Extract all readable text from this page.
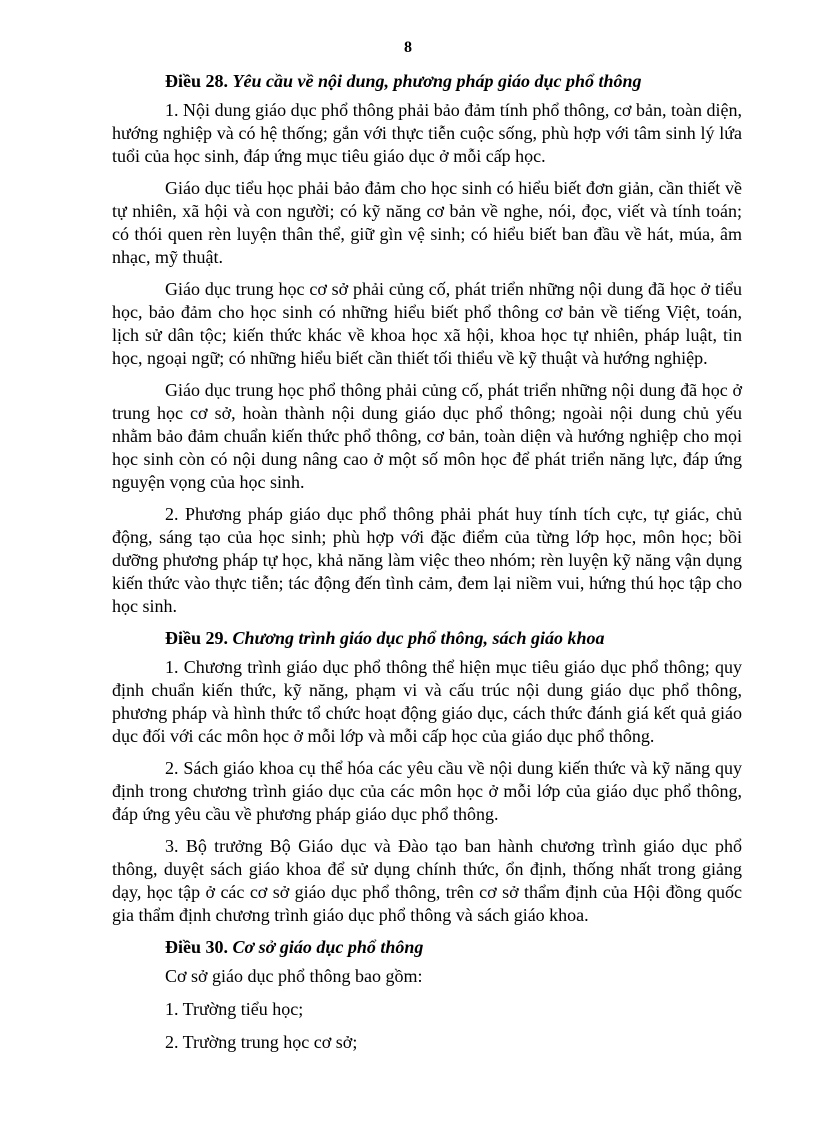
8
Điều 28. Yêu cầu về nội dung, phương pháp giáo dục phổ thông

1. Nội dung giáo dục phổ thông phải bảo đảm tính phổ thông, cơ bản, toàn diện, hướng nghiệp và có hệ thống; gắn với thực tiễn cuộc sống, phù hợp với tâm sinh lý lứa tuổi của học sinh, đáp ứng mục tiêu giáo dục ở mỗi cấp học.

Giáo dục tiểu học phải bảo đảm cho học sinh có hiểu biết đơn giản, cần thiết về tự nhiên, xã hội và con người; có kỹ năng cơ bản về nghe, nói, đọc, viết và tính toán; có thói quen rèn luyện thân thể, giữ gìn vệ sinh; có hiểu biết ban đầu về hát, múa, âm nhạc, mỹ thuật.

Giáo dục trung học cơ sở phải củng cố, phát triển những nội dung đã học ở tiểu học, bảo đảm cho học sinh có những hiểu biết phổ thông cơ bản về tiếng Việt, toán, lịch sử dân tộc; kiến thức khác về khoa học xã hội, khoa học tự nhiên, pháp luật, tin học, ngoại ngữ; có những hiểu biết cần thiết tối thiểu về kỹ thuật và hướng nghiệp.

Giáo dục trung học phổ thông phải củng cố, phát triển những nội dung đã học ở trung học cơ sở, hoàn thành nội dung giáo dục phổ thông; ngoài nội dung chủ yếu nhằm bảo đảm chuẩn kiến thức phổ thông, cơ bản, toàn diện và hướng nghiệp cho mọi học sinh còn có nội dung nâng cao ở một số môn học để phát triển năng lực, đáp ứng nguyện vọng của học sinh.

2. Phương pháp giáo dục phổ thông phải phát huy tính tích cực, tự giác, chủ động, sáng tạo của học sinh; phù hợp với đặc điểm của từng lớp học, môn học; bồi dưỡng phương pháp tự học, khả năng làm việc theo nhóm; rèn luyện kỹ năng vận dụng kiến thức vào thực tiễn; tác động đến tình cảm, đem lại niềm vui, hứng thú học tập cho học sinh.

Điều 29. Chương trình giáo dục phổ thông, sách giáo khoa

1. Chương trình giáo dục phổ thông thể hiện mục tiêu giáo dục phổ thông; quy định chuẩn kiến thức, kỹ năng, phạm vi và cấu trúc nội dung giáo dục phổ thông, phương pháp và hình thức tổ chức hoạt động giáo dục, cách thức đánh giá kết quả giáo dục đối với các môn học ở mỗi lớp và mỗi cấp học của giáo dục phổ thông.

2. Sách giáo khoa cụ thể hóa các yêu cầu về nội dung kiến thức và kỹ năng quy định trong chương trình giáo dục của các môn học ở mỗi lớp của giáo dục phổ thông, đáp ứng yêu cầu về phương pháp giáo dục phổ thông.

3. Bộ trưởng Bộ Giáo dục và Đào tạo ban hành chương trình giáo dục phổ thông, duyệt sách giáo khoa để sử dụng chính thức, ổn định, thống nhất trong giảng dạy, học tập ở các cơ sở giáo dục phổ thông, trên cơ sở thẩm định của Hội đồng quốc gia thẩm định chương trình giáo dục phổ thông và sách giáo khoa.

Điều 30. Cơ sở giáo dục phổ thông

Cơ sở giáo dục phổ thông bao gồm:

1. Trường tiểu học;

2. Trường trung học cơ sở;
